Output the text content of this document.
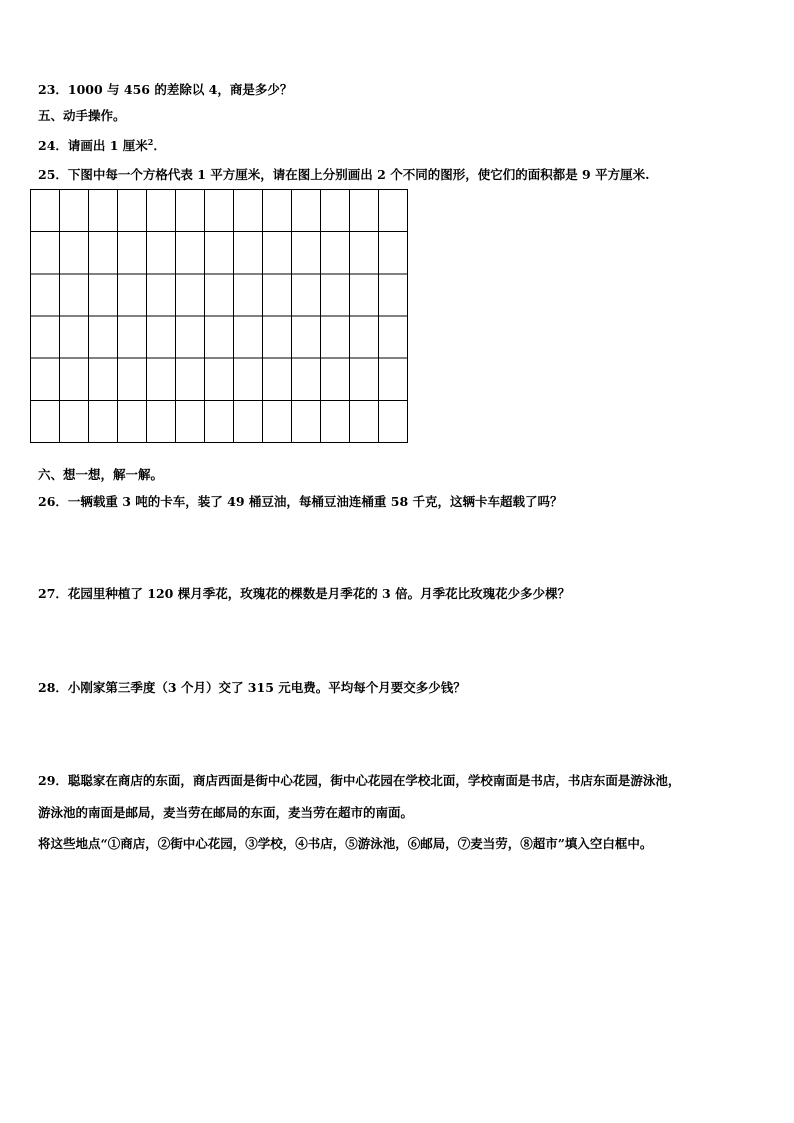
23．1000 与 456 的差除以 4，商是多少？
五、动手操作。
24．请画出 1 厘米$^2$．
25．下图中每一个方格代表 1 平方厘米，请在图上分别画出 2 个不同的图形，使它们的面积都是 9 平方厘米.
六、想一想，解一解。
26．一辆载重 3 吨的卡车，装了 49 桶豆油，每桶豆油连桶重 58 千克，这辆卡车超载了吗？
27．花园里种植了 120 棵月季花，玫瑰花的棵数是月季花的 3 倍。月季花比玫瑰花少多少棵？
28．小刚家第三季度（3 个月）交了 315 元电费。平均每个月要交多少钱？
29．聪聪家在商店的东面，商店西面是街中心花园，街中心花园在学校北面，学校南面是书店，书店东面是游泳池，
游泳池的南面是邮局，麦当劳在邮局的东面，麦当劳在超市的南面。
将这些地点“①商店，②街中心花园，③学校，④书店，⑤游泳池，⑥邮局，⑦麦当劳，⑧超市”填入空白框中。
